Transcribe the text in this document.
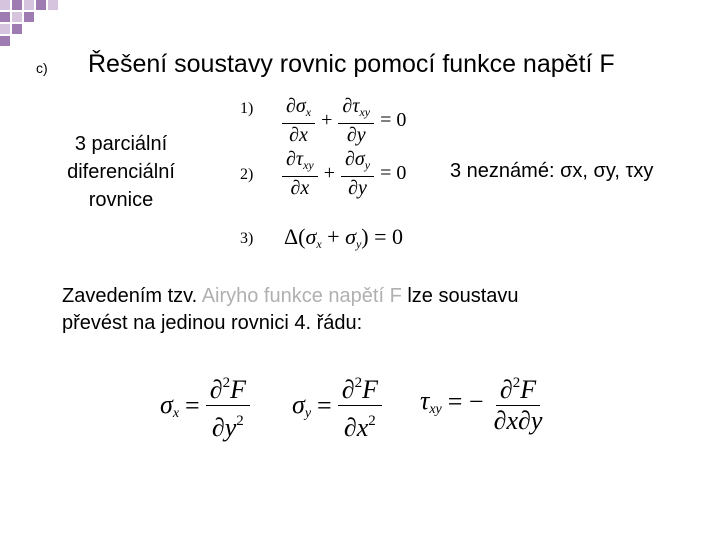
c) Řešení soustavy rovnic pomocí funkce napětí F
3 parciální
diferenciální
rovnice
1)
2)
3)
$\frac{\partial\sigma_x}{\partial x} + \frac{\partial\tau_{xy}}{\partial y} = 0$
$\frac{\partial\tau_{xy}}{\partial x} + \frac{\partial\sigma_y}{\partial y} = 0$
$\Delta(\sigma_x + \sigma_y) = 0$
3 neznámé: σx, σy, τxy
Zavedením tzv. Airyho funkce napětí F lze soustavu
převést na jedinou rovnici 4. řádu:
$\sigma_x = \frac{\partial^2F}{\partial y^2} \sigma_y = \frac{\partial^2F}{\partial x^2} \tau_{xy}$ = − $\frac{\partial^2F}{\partial x\partial y}$
